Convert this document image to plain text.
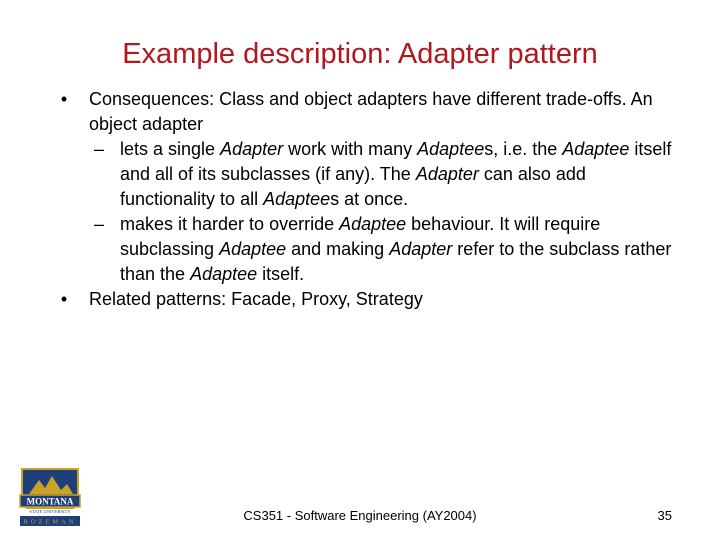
Example description: Adapter pattern

• Consequences: Class and object adapters have different trade-offs. An object adapter

– lets a single Adapter work with many Adaptees, i.e. the Adaptee itself and all of its subclasses (if any). The Adapter can also add functionality to all Adaptees at once.

– makes it harder to override Adaptee behaviour. It will require subclassing Adaptee and making Adapter refer to the subclass rather than the Adaptee itself.

• Related patterns: Facade, Proxy, Strategy

MONTANA
STATE UNIVERSITY
BOZEMAN	CS351 - Software Engineering (AY2004)	35
